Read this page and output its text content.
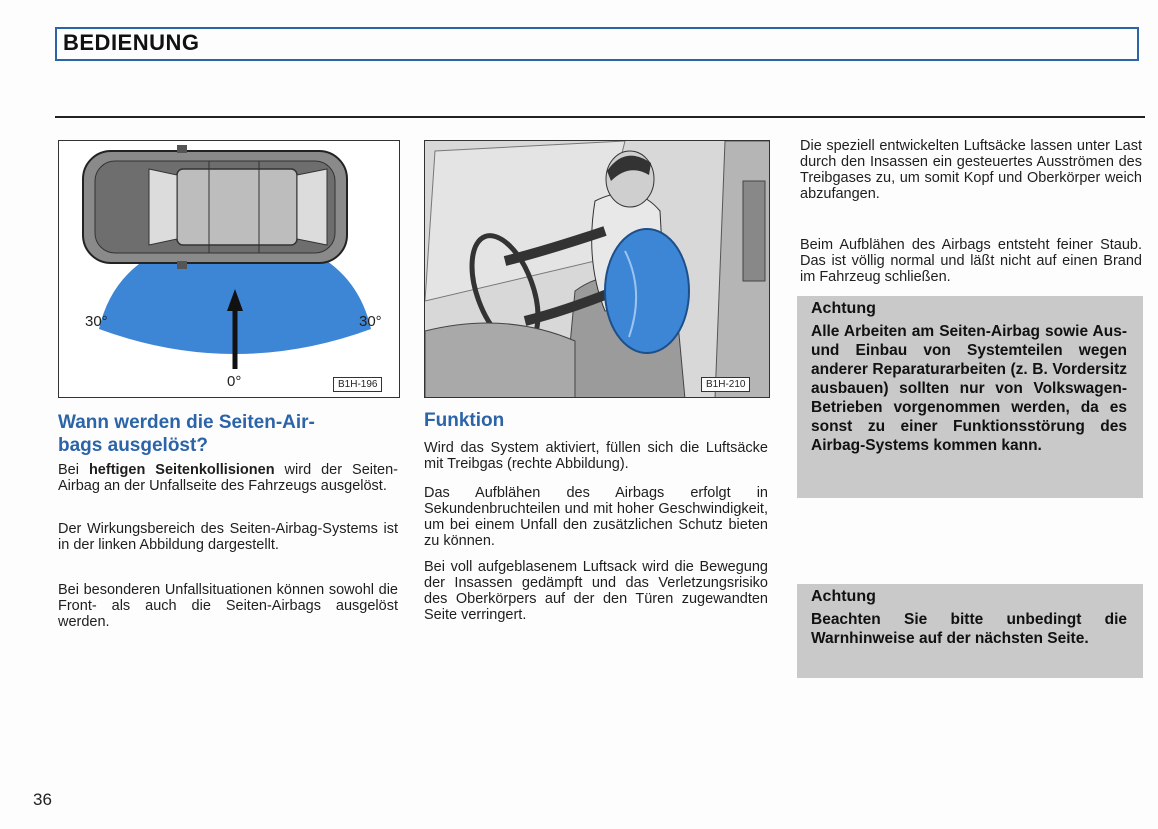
BEDIENUNG
30°	30°
0°	B1H-196	B1H-210
Wann werden die Seiten-Air-
bags ausgelöst?
Bei heftigen Seitenkollisionen wird der Seiten-Airbag an der Unfallseite des Fahrzeugs ausgelöst.
Der Wirkungsbereich des Seiten-Airbag-Systems ist in der linken Abbildung dargestellt.
Bei besonderen Unfallsituationen können sowohl die Front- als auch die Seiten-Airbags ausgelöst werden.
Funktion
Wird das System aktiviert, füllen sich die Luftsäcke mit Treibgas (rechte Abbildung).
Das Aufblähen des Airbags erfolgt in Sekundenbruchteilen und mit hoher Geschwindigkeit, um bei einem Unfall den zusätzlichen Schutz bieten zu können.
Bei voll aufgeblasenem Luftsack wird die Bewegung der Insassen gedämpft und das Verletzungsrisiko des Oberkörpers auf der den Türen zugewandten Seite verringert.
Die speziell entwickelten Luftsäcke lassen unter Last durch den Insassen ein gesteuertes Ausströmen des Treibgases zu, um somit Kopf und Oberkörper weich abzufangen.
Beim Aufblähen des Airbags entsteht feiner Staub. Das ist völlig normal und läßt nicht auf einen Brand im Fahrzeug schließen.
Achtung
Alle Arbeiten am Seiten-Airbag sowie Aus- und Einbau von Systemteilen wegen anderer Reparaturarbeiten (z. B. Vordersitz ausbauen) sollten nur von Volkswagen-Betrieben vorgenommen werden, da es sonst zu einer Funktionsstörung des Airbag-Systems kommen kann.
Achtung
Beachten Sie bitte unbedingt die Warnhinweise auf der nächsten Seite.
36
